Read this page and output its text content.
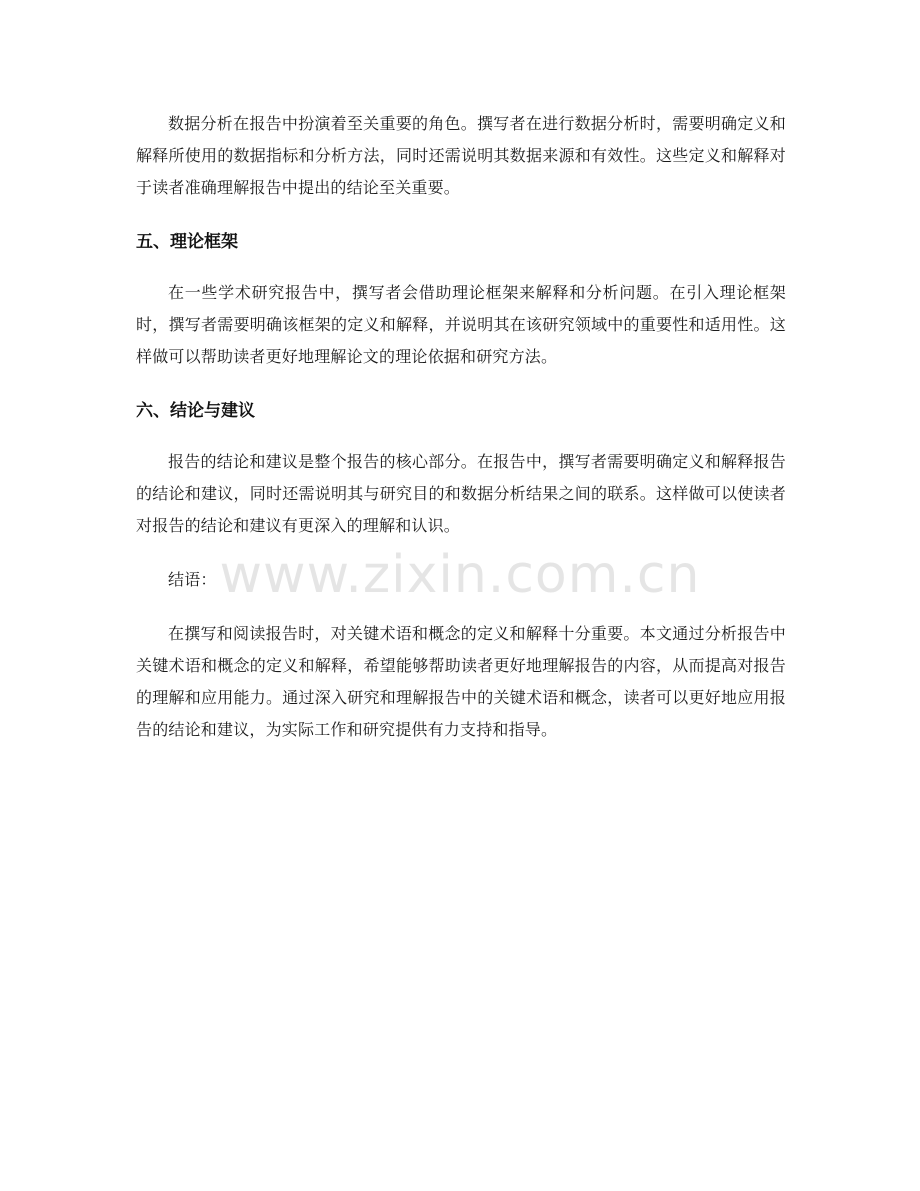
数据分析在报告中扮演着至关重要的角色。撰写者在进行数据分析时，需要明确定义和解释所使用的数据指标和分析方法，同时还需说明其数据来源和有效性。这些定义和解释对于读者准确理解报告中提出的结论至关重要。

五、理论框架

在一些学术研究报告中，撰写者会借助理论框架来解释和分析问题。在引入理论框架时，撰写者需要明确该框架的定义和解释，并说明其在该研究领域中的重要性和适用性。这样做可以帮助读者更好地理解论文的理论依据和研究方法。

六、结论与建议

报告的结论和建议是整个报告的核心部分。在报告中，撰写者需要明确定义和解释报告的结论和建议，同时还需说明其与研究目的和数据分析结果之间的联系。这样做可以使读者对报告的结论和建议有更深入的理解和认识。

结语：

在撰写和阅读报告时，对关键术语和概念的定义和解释十分重要。本文通过分析报告中关键术语和概念的定义和解释，希望能够帮助读者更好地理解报告的内容，从而提高对报告的理解和应用能力。通过深入研究和理解报告中的关键术语和概念，读者可以更好地应用报告的结论和建议，为实际工作和研究提供有力支持和指导。

www.zixin.com.cn
